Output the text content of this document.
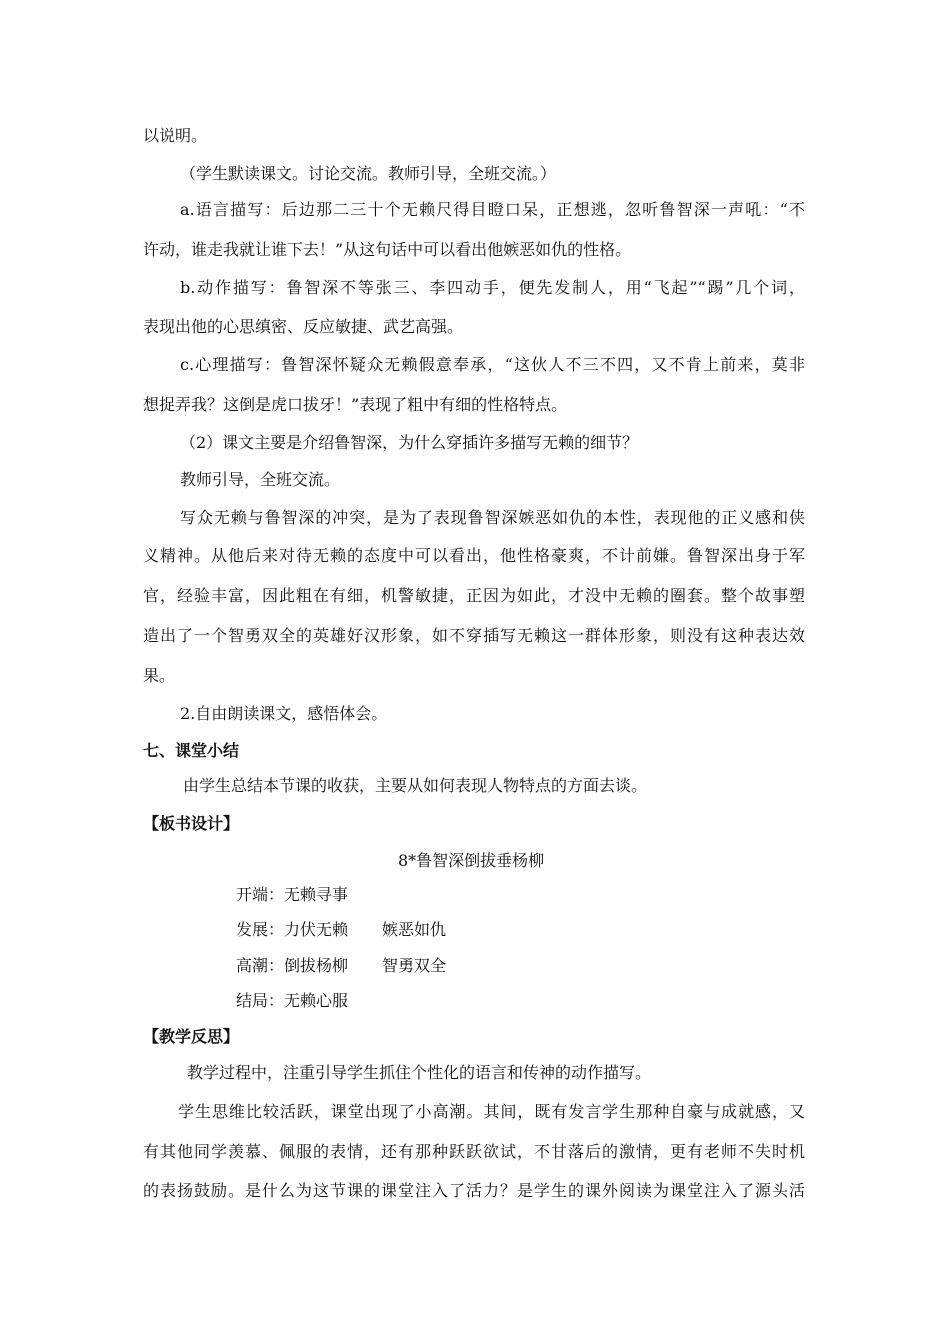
以说明。
（学生默读课文。讨论交流。教师引导，全班交流。）
a.语言描写：后边那二三十个无赖尺得目瞪口呆，正想逃，忽听鲁智深一声吼：“不
许动，谁走我就让谁下去！”从这句话中可以看出他嫉恶如仇的性格。
b.动作描写：鲁智深不等张三、李四动手，便先发制人，用“飞起”“踢”几个词，
表现出他的心思缜密、反应敏捷、武艺高强。
c.心理描写：鲁智深怀疑众无赖假意奉承，“这伙人不三不四，又不肯上前来，莫非
想捉弄我？这倒是虎口拔牙！”表现了粗中有细的性格特点。
（2）课文主要是介绍鲁智深，为什么穿插许多描写无赖的细节？
教师引导，全班交流。
写众无赖与鲁智深的冲突，是为了表现鲁智深嫉恶如仇的本性，表现他的正义感和侠
义精神。从他后来对待无赖的态度中可以看出，他性格豪爽，不计前嫌。鲁智深出身于军
官，经验丰富，因此粗在有细，机警敏捷，正因为如此，才没中无赖的圈套。整个故事塑
造出了一个智勇双全的英雄好汉形象，如不穿插写无赖这一群体形象，则没有这种表达效
果。
2.自由朗读课文，感悟体会。
七、课堂小结
由学生总结本节课的收获，主要从如何表现人物特点的方面去谈。
【板书设计】
8*鲁智深倒拔垂杨柳
开端：无赖寻事
发展：力伏无赖 嫉恶如仇
高潮：倒拔杨柳 智勇双全
结局：无赖心服
【教学反思】
教学过程中，注重引导学生抓住个性化的语言和传神的动作描写。
学生思维比较活跃，课堂出现了小高潮。其间，既有发言学生那种自豪与成就感，又
有其他同学羡慕、佩服的表情，还有那种跃跃欲试，不甘落后的激情，更有老师不失时机
的表扬鼓励。是什么为这节课的课堂注入了活力？是学生的课外阅读为课堂注入了源头活
